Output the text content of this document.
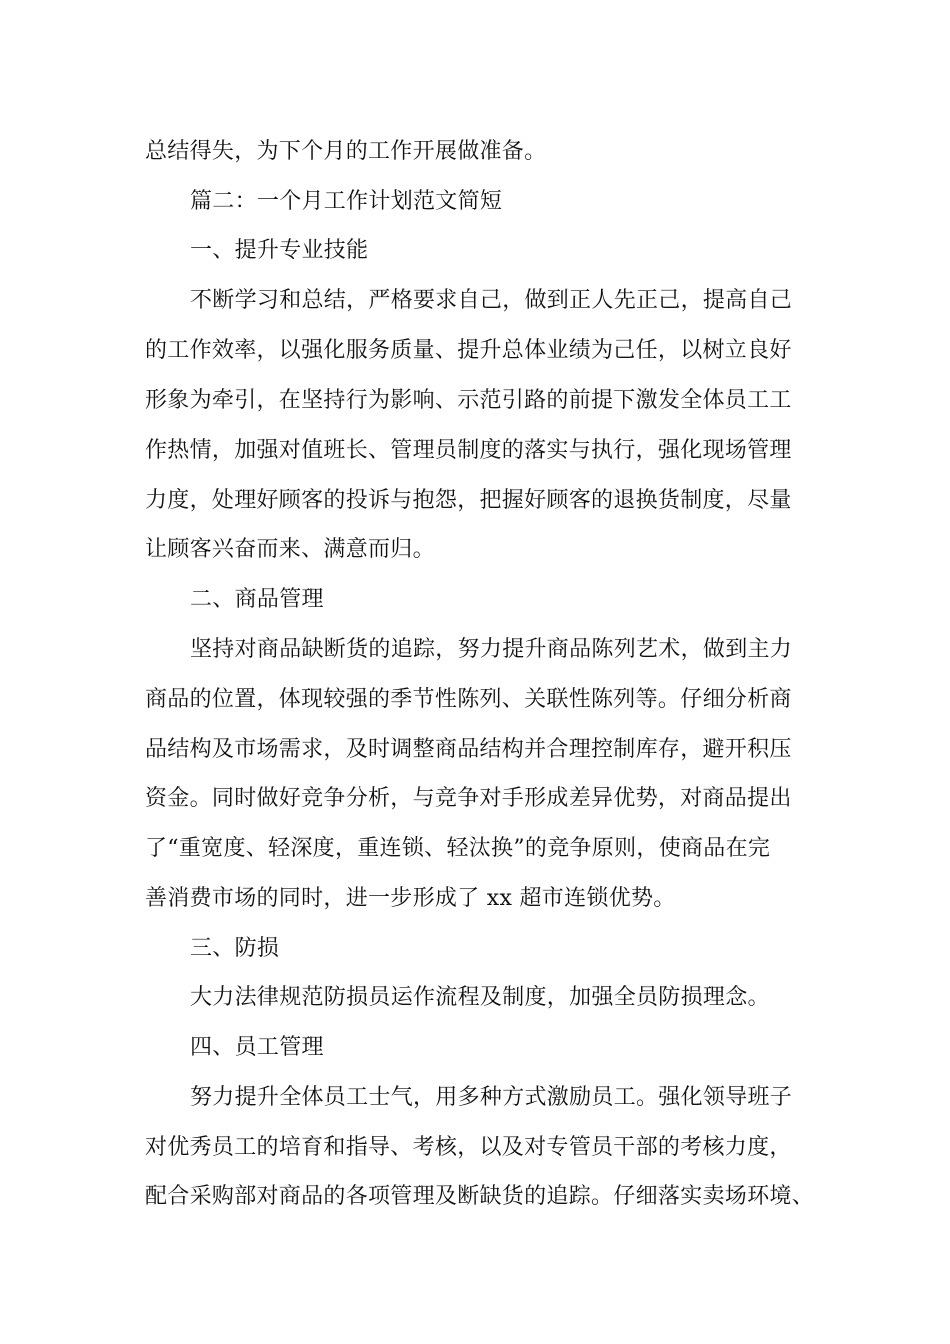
总结得失，为下个月的工作开展做准备。
篇二：一个月工作计划范文简短
一、提升专业技能
不断学习和总结，严格要求自己，做到正人先正己，提高自己
的工作效率，以强化服务质量、提升总体业绩为己任，以树立良好
形象为牵引，在坚持行为影响、示范引路的前提下激发全体员工工
作热情，加强对值班长、管理员制度的落实与执行，强化现场管理
力度，处理好顾客的投诉与抱怨，把握好顾客的退换货制度，尽量
让顾客兴奋而来、满意而归。
二、商品管理
坚持对商品缺断货的追踪，努力提升商品陈列艺术，做到主力
商品的位置，体现较强的季节性陈列、关联性陈列等。仔细分析商
品结构及市场需求，及时调整商品结构并合理控制库存，避开积压
资金。同时做好竞争分析，与竞争对手形成差异优势，对商品提出
了“重宽度、轻深度，重连锁、轻汰换”的竞争原则，使商品在完
善消费市场的同时，进一步形成了 xx 超市连锁优势。
三、防损
大力法律规范防损员运作流程及制度，加强全员防损理念。
四、员工管理
努力提升全体员工士气，用多种方式激励员工。强化领导班子
对优秀员工的培育和指导、考核，以及对专管员干部的考核力度，
配合采购部对商品的各项管理及断缺货的追踪。仔细落实卖场环境、
